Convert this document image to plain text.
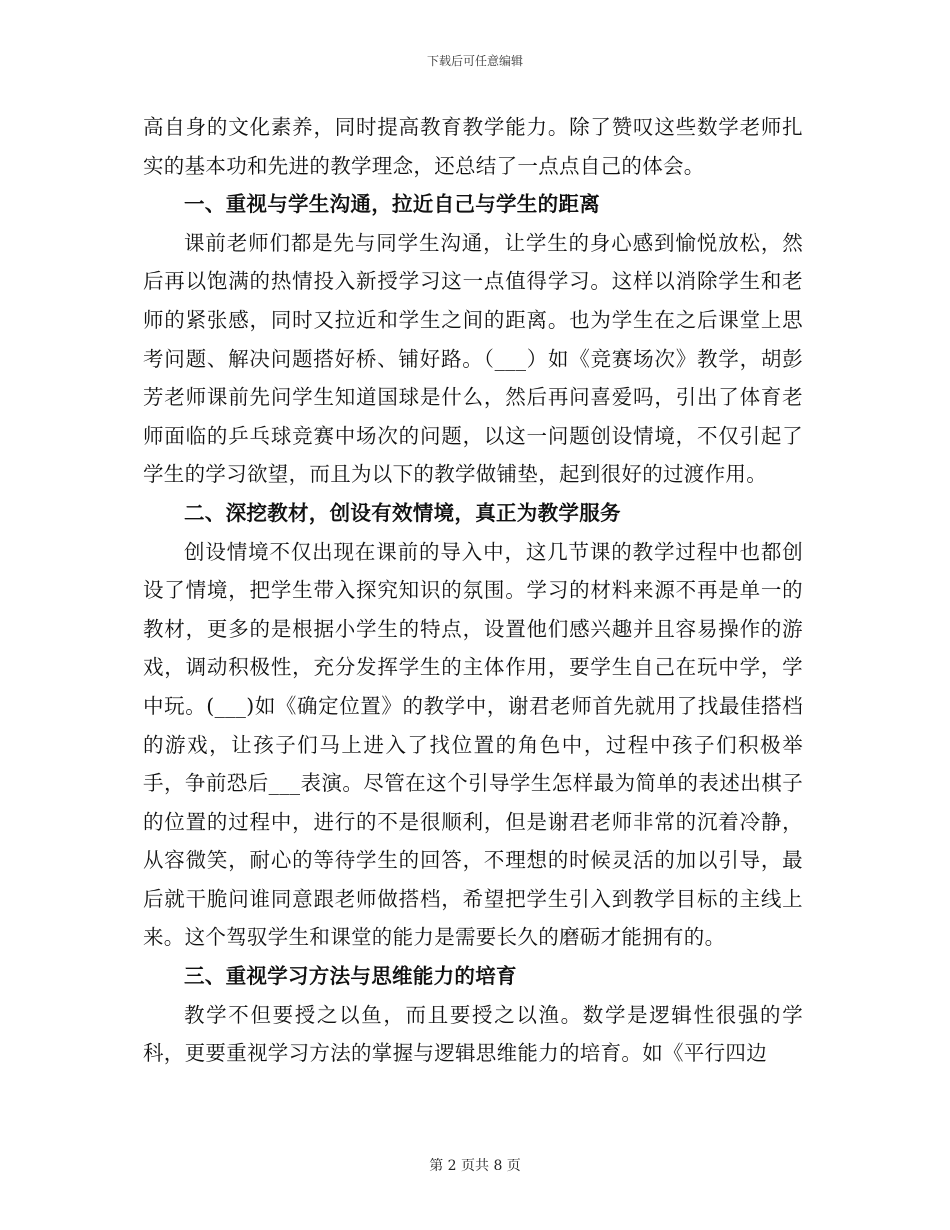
下载后可任意编辑

高自身的文化素养，同时提高教育教学能力。除了赞叹这些数学老师扎实的基本功和先进的教学理念，还总结了一点点自己的体会。

一、重视与学生沟通，拉近自己与学生的距离

课前老师们都是先与同学生沟通，让学生的身心感到愉悦放松，然后再以饱满的热情投入新授学习这一点值得学习。这样以消除学生和老师的紧张感，同时又拉近和学生之间的距离。也为学生在之后课堂上思考问题、解决问题搭好桥、铺好路。（___）如《竞赛场次》教学，胡彭芳老师课前先问学生知道国球是什么，然后再问喜爱吗，引出了体育老师面临的乒乓球竞赛中场次的问题，以这一问题创设情境，不仅引起了学生的学习欲望，而且为以下的教学做铺垫，起到很好的过渡作用。

二、深挖教材，创设有效情境，真正为教学服务

创设情境不仅出现在课前的导入中，这几节课的教学过程中也都创设了情境，把学生带入探究知识的氛围。学习的材料来源不再是单一的教材，更多的是根据小学生的特点，设置他们感兴趣并且容易操作的游戏，调动积极性，充分发挥学生的主体作用，要学生自己在玩中学，学中玩。(___)如《确定位置》的教学中，谢君老师首先就用了找最佳搭档的游戏，让孩子们马上进入了找位置的角色中，过程中孩子们积极举手，争前恐后___表演。尽管在这个引导学生怎样最为简单的表述出棋子的位置的过程中，进行的不是很顺利，但是谢君老师非常的沉着冷静，从容微笑，耐心的等待学生的回答，不理想的时候灵活的加以引导，最后就干脆问谁同意跟老师做搭档，希望把学生引入到教学目标的主线上来。这个驾驭学生和课堂的能力是需要长久的磨砺才能拥有的。

三、重视学习方法与思维能力的培育

教学不但要授之以鱼，而且要授之以渔。数学是逻辑性很强的学科，更要重视学习方法的掌握与逻辑思维能力的培育。如《平行四边

第 2 页共 8 页
